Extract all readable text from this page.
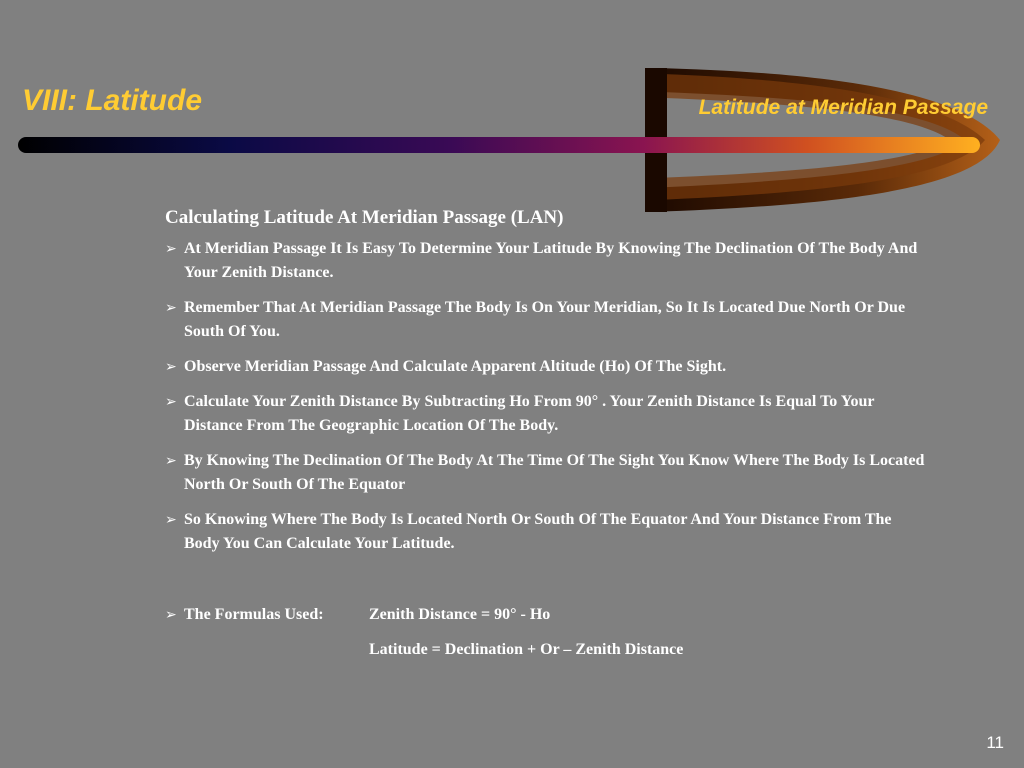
VIII: Latitude	Latitude at Meridian Passage
Calculating Latitude At Meridian Passage (LAN)
➢ At Meridian Passage It Is Easy To Determine Your Latitude By Knowing The Declination Of The Body And Your Zenith Distance.
➢ Remember That At Meridian Passage The Body Is On Your Meridian, So It Is Located Due North Or Due South Of You.
➢ Observe Meridian Passage And Calculate Apparent Altitude (Ho) Of The Sight.
➢ Calculate Your Zenith Distance By Subtracting Ho From 90° . Your Zenith Distance Is Equal To Your Distance From The Geographic Location Of The Body.
➢ By Knowing The Declination Of The Body At The Time Of The Sight You Know Where The Body Is Located North Or South Of The Equator
➢ So Knowing Where The Body Is Located North Or South Of The Equator And Your Distance From The Body You Can Calculate Your Latitude.
➢ The Formulas Used:	Zenith Distance = 90° - Ho
Latitude = Declination + Or – Zenith Distance
11
